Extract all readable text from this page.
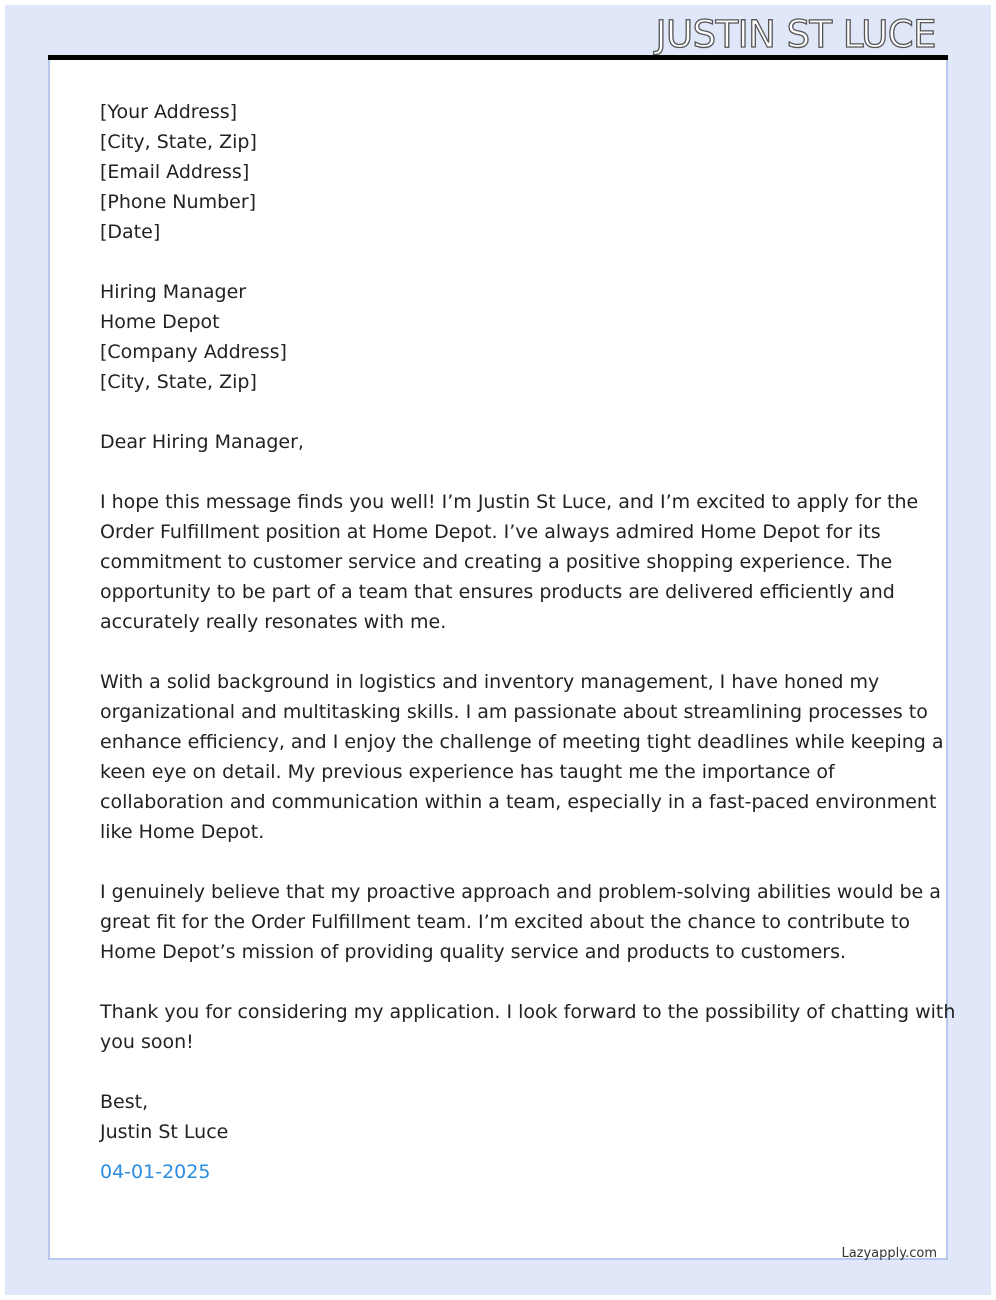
JUSTIN ST LUCE
[Your Address]
[City, State, Zip]
[Email Address]
[Phone Number]
[Date]
Hiring Manager
Home Depot
[Company Address]
[City, State, Zip]
Dear Hiring Manager,
I hope this message finds you well! I’m Justin St Luce, and I’m excited to apply for the
Order Fulfillment position at Home Depot. I’ve always admired Home Depot for its
commitment to customer service and creating a positive shopping experience. The
opportunity to be part of a team that ensures products are delivered efficiently and
accurately really resonates with me.
With a solid background in logistics and inventory management, I have honed my
organizational and multitasking skills. I am passionate about streamlining processes to
enhance efficiency, and I enjoy the challenge of meeting tight deadlines while keeping a
keen eye on detail. My previous experience has taught me the importance of
collaboration and communication within a team, especially in a fast-paced environment
like Home Depot.
I genuinely believe that my proactive approach and problem-solving abilities would be a
great fit for the Order Fulfillment team. I’m excited about the chance to contribute to
Home Depot’s mission of providing quality service and products to customers.
Thank you for considering my application. I look forward to the possibility of chatting with
you soon!
Best,
Justin St Luce
04-01-2025
Lazyapply.com
